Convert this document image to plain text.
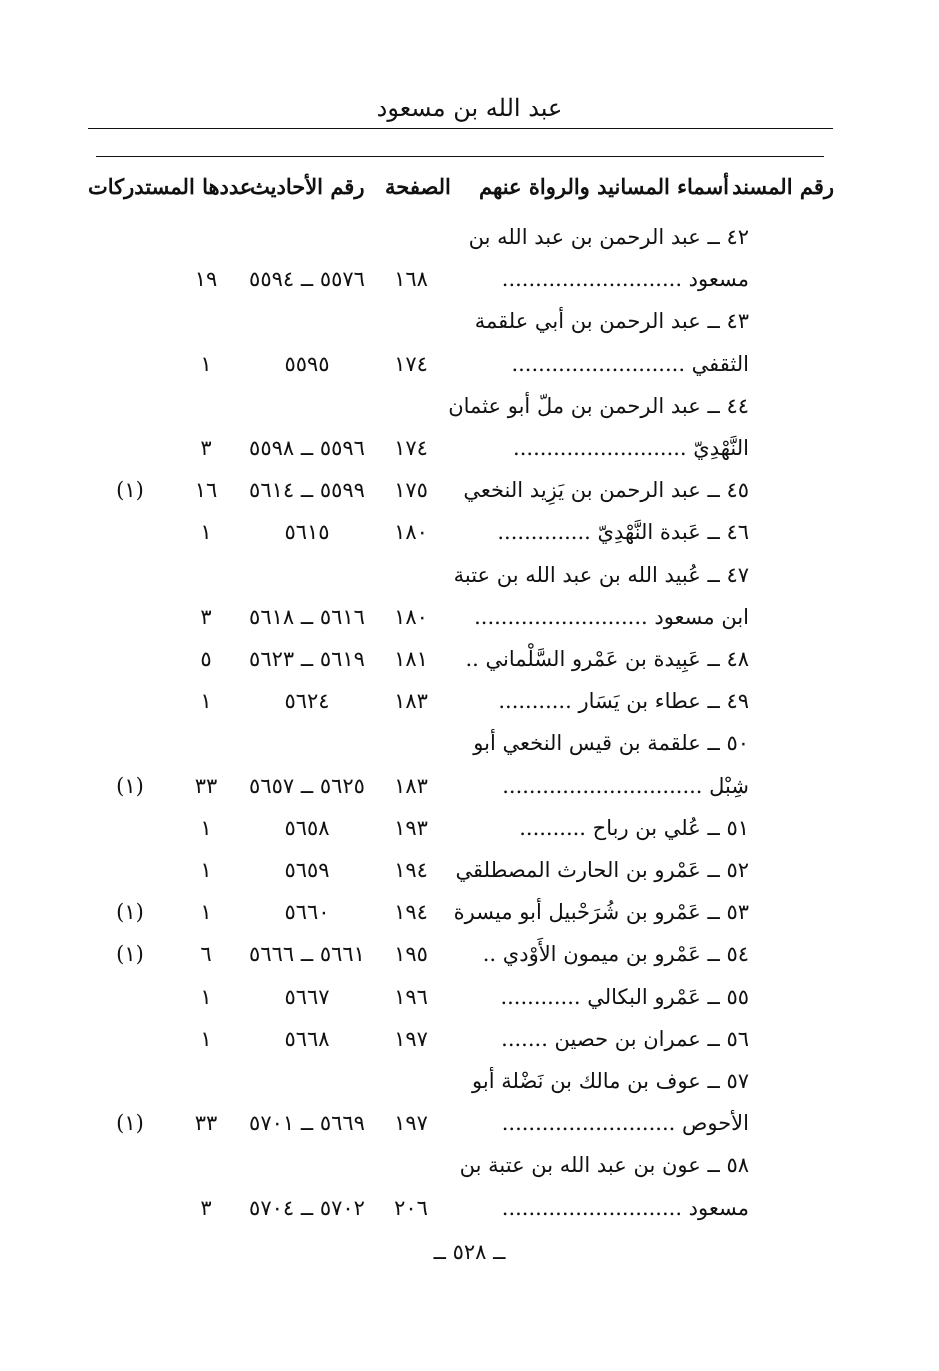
عبد الله بن مسعود
رقم المسند
أسماء المسانيد والرواة عنهم
الصفحة
رقم الأحاديث
عددها المستدركات
٤٢ ــ عبد الرحمن بن عبد الله بن
مسعود ...........................
١٦٨
٥٥٧٦ ــ ٥٥٩٤
١٩
٤٣ ــ عبد الرحمن بن أبي علقمة
الثقفي ..........................
١٧٤
٥٥٩٥
١
٤٤ ــ عبد الرحمن بن ملّ أبو عثمان
النَّهْدِيّ ..........................
١٧٤
٥٥٩٦ ــ ٥٥٩٨
٣
٤٥ ــ عبد الرحمن بن يَزِيد النخعي
١٧٥
٥٥٩٩ ــ ٥٦١٤
١٦
(١)
٤٦ ــ عَبدة النَّهْدِيّ ..............
١٨٠
٥٦١٥
١
٤٧ ــ عُبيد الله بن عبد الله بن عتبة
ابن مسعود ..........................
١٨٠
٥٦١٦ ــ ٥٦١٨
٣
٤٨ ــ عَبِيدة بن عَمْرو السَّلْماني ..
١٨١
٥٦١٩ ــ ٥٦٢٣
٥
٤٩ ــ عطاء بن يَسَار ...........
١٨٣
٥٦٢٤
١
٥٠ ــ علقمة بن قيس النخعي أبو
شِبْل ..............................
١٨٣
٥٦٢٥ ــ ٥٦٥٧
٣٣
(١)
٥١ ــ عُلي بن رباح ..........
١٩٣
٥٦٥٨
١
٥٢ ــ عَمْرو بن الحارث المصطلقي
١٩٤
٥٦٥٩
١
٥٣ ــ عَمْرو بن شُرَحْبيل أبو ميسرة
١٩٤
٥٦٦٠
١
(١)
٥٤ ــ عَمْرو بن ميمون الأَوْدي ..
١٩٥
٥٦٦١ ــ ٥٦٦٦
٦
(١)
٥٥ ــ عَمْرو البكالي ............
١٩٦
٥٦٦٧
١
٥٦ ــ عمران بن حصين .......
١٩٧
٥٦٦٨
١
٥٧ ــ عوف بن مالك بن نَضْلة أبو
الأحوص ..........................
١٩٧
٥٦٦٩ ــ ٥٧٠١
٣٣
(١)
٥٨ ــ عون بن عبد الله بن عتبة بن
مسعود ...........................
٢٠٦
٥٧٠٢ ــ ٥٧٠٤
٣
ــ ٥٢٨ ــ
